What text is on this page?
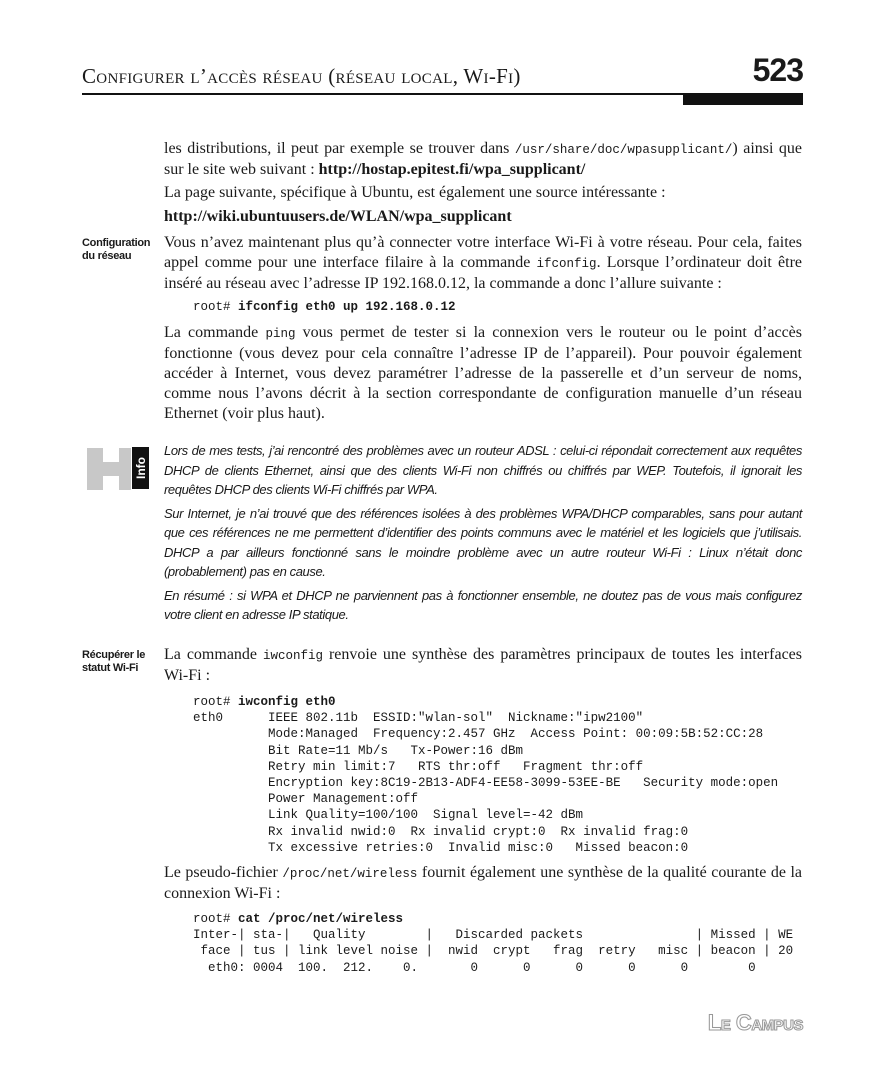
Configurer l’accès réseau (réseau local, Wi-Fi)	523
les distributions, il peut par exemple se trouver dans /usr/share/doc/wpasupplicant/) ainsi que sur le site web suivant : http://hostap.epitest.fi/wpa_supplicant/
La page suivante, spécifique à Ubuntu, est également une source intéressante :
http://wiki.ubuntuusers.de/WLAN/wpa_supplicant
Configuration du réseau
Vous n’avez maintenant plus qu’à connecter votre interface Wi-Fi à votre réseau. Pour cela, faites appel comme pour une interface filaire à la commande ifconfig. Lorsque l’ordinateur doit être inséré au réseau avec l’adresse IP 192.168.0.12, la commande a donc l’allure suivante :
root# ifconfig eth0 up 192.168.0.12
La commande ping vous permet de tester si la connexion vers le routeur ou le point d’accès fonctionne (vous devez pour cela connaître l’adresse IP de l’appareil). Pour pouvoir également accéder à Internet, vous devez paramétrer l’adresse de la passerelle et d’un serveur de noms, comme nous l’avons décrit à la section correspondante de configuration manuelle d’un réseau Ethernet (voir plus haut).
Info

Lors de mes tests, j’ai rencontré des problèmes avec un routeur ADSL : celui-ci répondait correctement aux requêtes DHCP de clients Ethernet, ainsi que des clients Wi-Fi non chiffrés ou chiffrés par WEP. Toutefois, il ignorait les requêtes DHCP des clients Wi-Fi chiffrés par WPA.

Sur Internet, je n’ai trouvé que des références isolées à des problèmes WPA/DHCP comparables, sans pour autant que ces références ne me permettent d’identifier des points communs avec le matériel et les logiciels que j’utilisais. DHCP a par ailleurs fonctionné sans le moindre problème avec un autre routeur Wi-Fi : Linux n’était donc (probablement) pas en cause.

En résumé : si WPA et DHCP ne parviennent pas à fonctionner ensemble, ne doutez pas de vous mais configurez votre client en adresse IP statique.

Récupérer le statut Wi-Fi
La commande iwconfig renvoie une synthèse des paramètres principaux de toutes les interfaces Wi-Fi :
root# iwconfig eth0
eth0      IEEE 802.11b  ESSID:"wlan-sol"  Nickname:"ipw2100"
Mode:Managed  Frequency:2.457 GHz  Access Point: 00:09:5B:52:CC:28
Bit Rate=11 Mb/s   Tx-Power:16 dBm
Retry min limit:7   RTS thr:off   Fragment thr:off
Encryption key:8C19-2B13-ADF4-EE58-3099-53EE-BE   Security mode:open
Power Management:off
Link Quality=100/100  Signal level=-42 dBm
Rx invalid nwid:0  Rx invalid crypt:0  Rx invalid frag:0
Tx excessive retries:0  Invalid misc:0   Missed beacon:0
Le pseudo-fichier /proc/net/wireless fournit également une synthèse de la qualité courante de la connexion Wi-Fi :
root# cat /proc/net/wireless
Inter-| sta-|   Quality        |   Discarded packets               | Missed | WE
face | tus | link level noise |  nwid  crypt   frag  retry   misc | beacon | 20
eth0: 0004  100.  212.    0.       0      0      0      0      0        0
Le Campus
